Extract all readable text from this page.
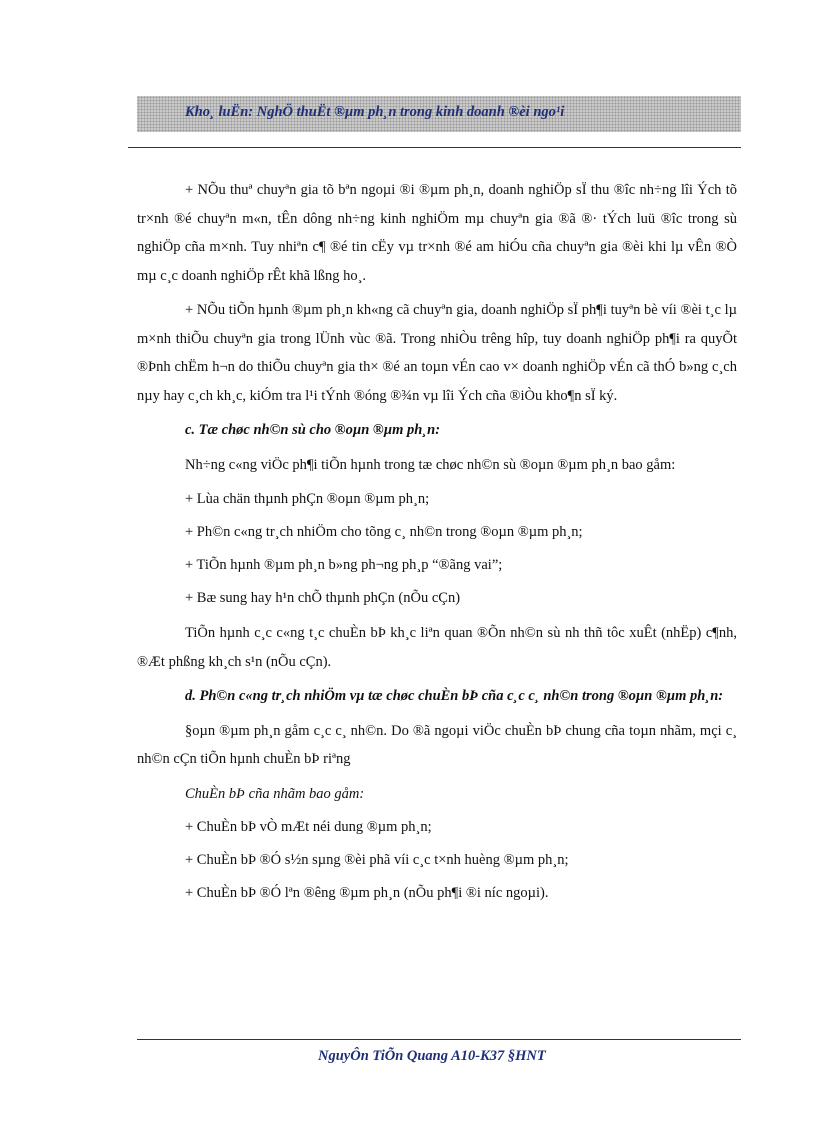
Kho¸ luËn: NghÖ thuËt ®µm ph¸n trong kinh doanh ®èi ngo¹i

+ NÕu thuª chuyªn gia tõ bªn ngoµi ®i ®µm ph¸n, doanh nghiÖp sÏ thu ®îc nh÷ng lîi Ých tõ tr×nh ®é chuyªn m«n, tÊn dông nh÷ng kinh nghiÖm mµ chuyªn gia ®ã ®· tÝch luü ®îc trong sù nghiÖp cña m×nh. Tuy nhiªn c¶ ®é tin cËy vµ tr×nh ®é am hiÓu cña chuyªn gia ®èi khi lµ vÊn ®Ò mµ c¸c doanh nghiÖp rÊt khã lßng ho¸.

+ NÕu tiÕn hµnh ®µm ph¸n kh«ng cã chuyªn gia, doanh nghiÖp sÏ ph¶i tuyªn bè víi ®èi t¸c lµ m×nh thiÕu chuyªn gia trong lÜnh vùc ®ã. Trong nhiÒu trêng hîp, tuy doanh nghiÖp ph¶i ra quyÕt ®Þnh chËm h¬n do thiÕu chuyªn gia th× ®é an toµn vÉn cao v× doanh nghiÖp vÉn cã thÓ b»ng c¸ch nµy hay c¸ch kh¸c, kiÓm tra l¹i tÝnh ®óng ®¾n vµ lîi Ých cña ®iÒu kho¶n sÏ ký.

c. Tæ chøc nh©n sù cho ®oµn ®µm ph¸n:

Nh÷ng c«ng viÖc ph¶i tiÕn hµnh trong tæ chøc nh©n sù ®oµn ®µm ph¸n bao gåm:

+ Lùa chän thµnh phÇn ®oµn ®µm ph¸n;

+ Ph©n c«ng tr¸ch nhiÖm cho tõng c¸ nh©n trong ®oµn ®µm ph¸n;

+ TiÕn hµnh ®µm ph¸n b»ng ph¬ng ph¸p “®ãng vai”;

+ Bæ sung hay h¹n chÕ thµnh phÇn (nÕu cÇn)

TiÕn hµnh c¸c c«ng t¸c chuÈn bÞ kh¸c liªn quan ®Õn nh©n sù nh thñ tôc xuÊt (nhËp) c¶nh, ®Æt phßng kh¸ch s¹n (nÕu cÇn).

d. Ph©n c«ng tr¸ch nhiÖm vµ tæ chøc chuÈn bÞ cña c¸c c¸ nh©n trong ®oµn ®µm ph¸n:

§oµn ®µm ph¸n gåm c¸c c¸ nh©n. Do ®ã ngoµi viÖc chuÈn bÞ chung cña toµn nhãm, mçi c¸ nh©n cÇn tiÕn hµnh chuÈn bÞ riªng

ChuÈn bÞ cña nhãm bao gåm:

+ ChuÈn bÞ vÒ mÆt néi dung ®µm ph¸n;

+ ChuÈn bÞ ®Ó s½n sµng ®èi phã víi c¸c t×nh huèng ®µm ph¸n;

+ ChuÈn bÞ ®Ó lªn ®êng ®µm ph¸n (nÕu ph¶i ®i níc ngoµi).

NguyÔn TiÕn Quang A10-K37 §HNT
